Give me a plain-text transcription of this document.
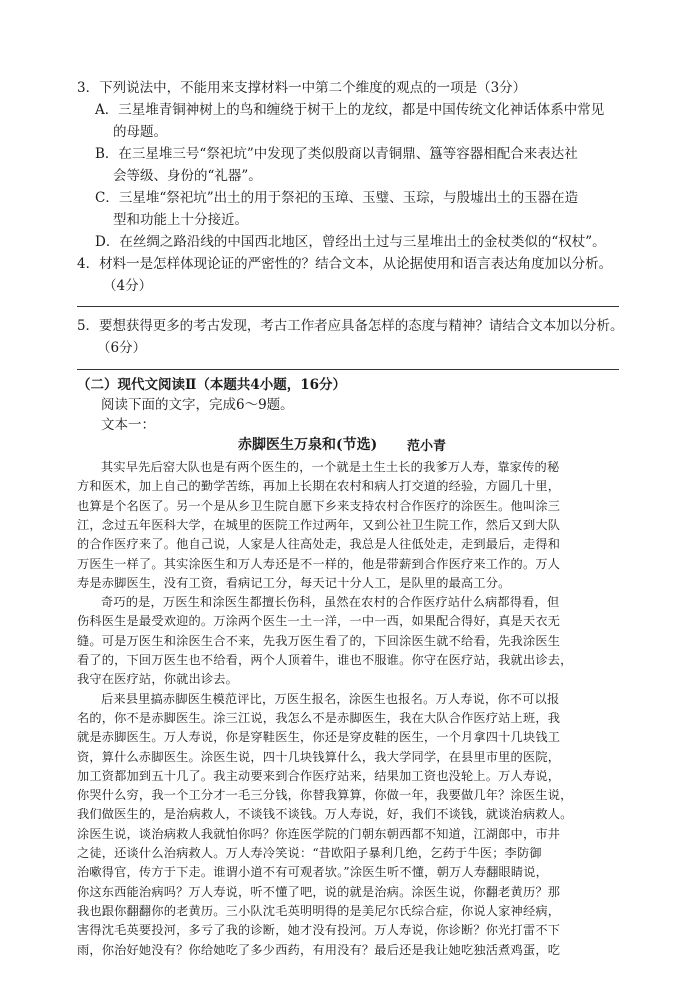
3．下列说法中，不能用来支撑材料一中第二个维度的观点的一项是（3分）
A．三星堆青铜神树上的鸟和缠绕于树干上的龙纹，都是中国传统文化神话体系中常见
的母题。
B．在三星堆三号“祭祀坑”中发现了类似殷商以青铜鼎、簋等容器相配合来表达社
会等级、身份的“礼器”。
C．三星堆“祭祀坑”出土的用于祭祀的玉璋、玉璧、玉琮，与殷墟出土的玉器在造
型和功能上十分接近。
D．在丝绸之路沿线的中国西北地区，曾经出土过与三星堆出土的金杖类似的“权杖”。
4．材料一是怎样体现论证的严密性的？结合文本，从论据使用和语言表达角度加以分析。
（4分）
5．要想获得更多的考古发现，考古工作者应具备怎样的态度与精神？请结合文本加以分析。
（6分）
（二）现代文阅读Ⅱ（本题共4小题，16分）
阅读下面的文字，完成6～9题。
文本一：
赤脚医生万泉和(节选) 范小青
其实早先后窑大队也是有两个医生的，一个就是土生土长的我爹万人寿，靠家传的秘
方和医术，加上自己的勤学苦练，再加上长期在农村和病人打交道的经验，方圆几十里，
也算是个名医了。另一个是从乡卫生院自愿下乡来支持农村合作医疗的涂医生。他叫涂三
江，念过五年医科大学，在城里的医院工作过两年，又到公社卫生院工作，然后又到大队
的合作医疗来了。他自己说，人家是人往高处走，我总是人往低处走，走到最后，走得和
万医生一样了。其实涂医生和万人寿还是不一样的，他是带薪到合作医疗来工作的。万人
寿是赤脚医生，没有工资，看病记工分，每天记十分人工，是队里的最高工分。
奇巧的是，万医生和涂医生都擅长伤科，虽然在农村的合作医疗站什么病都得看，但
伤科医生是最受欢迎的。万涂两个医生一土一洋，一中一西，如果配合得好，真是天衣无
缝。可是万医生和涂医生合不来，先我万医生看了的，下回涂医生就不给看，先我涂医生
看了的，下回万医生也不给看，两个人顶着牛，谁也不服谁。你守在医疗站，我就出诊去，
我守在医疗站，你就出诊去。
后来县里搞赤脚医生模范评比，万医生报名，涂医生也报名。万人寿说，你不可以报
名的，你不是赤脚医生。涂三江说，我怎么不是赤脚医生，我在大队合作医疗站上班，我
就是赤脚医生。万人寿说，你是穿鞋医生，你还是穿皮鞋的医生，一个月拿四十几块钱工
资，算什么赤脚医生。涂医生说，四十几块钱算什么，我大学同学，在县里市里的医院，
加工资都加到五十几了。我主动要来到合作医疗站来，结果加工资也没轮上。万人寿说，
你哭什么穷，我一个工分才一毛三分钱，你替我算算，你做一年，我要做几年？涂医生说，
我们做医生的，是治病救人，不谈钱不谈钱。万人寿说，好，我们不谈钱，就谈治病救人。
涂医生说，谈治病救人我就怕你吗？你连医学院的门朝东朝西都不知道，江湖郎中，市井
之徒，还谈什么治病救人。万人寿冷笑说：“昔欧阳子暴利几绝，乞药于牛医；李防御
治嗽得官，传方于下走。谁谓小道不有可观者欤。”涂医生听不懂，朝万人寿翻眼睛说，
你这东西能治病吗？万人寿说，听不懂了吧，说的就是治病。涂医生说，你翻老黄历？那
我也跟你翻翻你的老黄历。三小队沈毛英明明得的是美尼尔氏综合症，你说人家神经病，
害得沈毛英要投河，多亏了我的诊断，她才没有投河。万人寿说，你诊断？你光打雷不下
雨，你治好她没有？你给她吃了多少西药，有用没有？最后还是我让她吃独活煮鸡蛋，吃
